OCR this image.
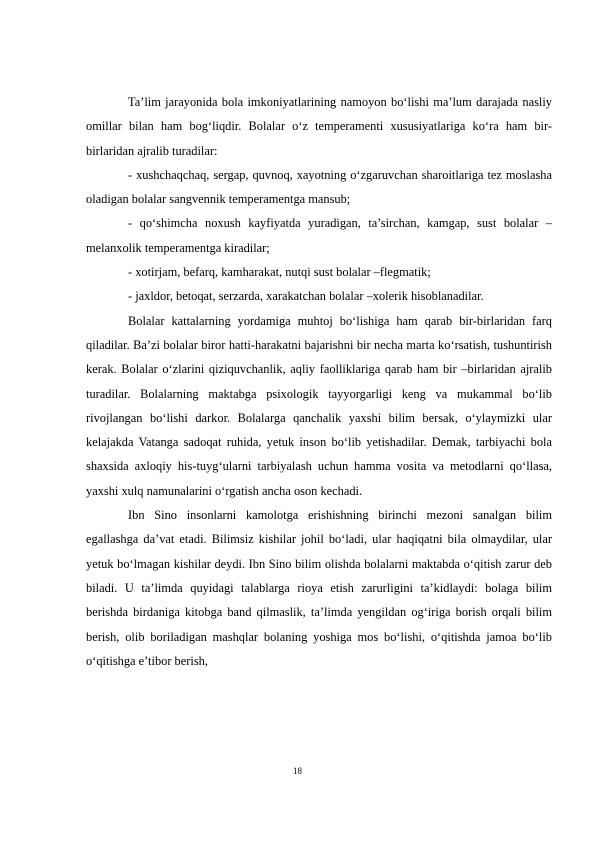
Ta’lim jarayonida bola imkoniyatlarining namoyon bo‘lishi ma’lum darajada nasliy omillar bilan ham bog‘liqdir. Bolalar o‘z temperamenti xususiyatlariga ko‘ra ham bir-birlaridan ajralib turadilar:

- xushchaqchaq, sergap, quvnoq, xayotning o‘zgaruvchan sharoitlariga tez moslasha oladigan bolalar sangvennik temperamentga mansub;

- qo‘shimcha noxush kayfiyatda yuradigan, ta’sirchan, kamgap, sust bolalar – melanxolik temperamentga kiradilar;

- xotirjam, befarq, kamharakat, nutqi sust bolalar –flegmatik;

- jaxldor, betoqat, serzarda, xarakatchan bolalar –xolerik hisoblanadilar.

Bolalar kattalarning yordamiga muhtoj bo‘lishiga ham qarab bir-birlaridan farq qiladilar. Ba’zi bolalar biror hatti-harakatni bajarishni bir necha marta ko‘rsatish, tushuntirish kerak. Bolalar o‘zlarini qiziquvchanlik, aqliy faolliklariga qarab ham bir –birlaridan ajralib turadilar. Bolalarning maktabga psixologik tayyorgarligi keng va mukammal bo‘lib rivojlangan bo‘lishi darkor. Bolalarga qanchalik yaxshi bilim bersak, o‘ylaymizki ular kelajakda Vatanga sadoqat ruhida, yetuk inson bo‘lib yetishadilar. Demak, tarbiyachi bola shaxsida axloqiy his-tuyg‘ularni tarbiyalash uchun hamma vosita va metodlarni qo‘llasa, yaxshi xulq namunalarini o‘rgatish ancha oson kechadi.

Ibn Sino insonlarni kamolotga erishishning birinchi mezoni sanalgan bilim egallashga da’vat etadi. Bilimsiz kishilar johil bo‘ladi, ular haqiqatni bila olmaydilar, ular yetuk bo‘lmagan kishilar deydi. Ibn Sino bilim olishda bolalarni maktabda o‘qitish zarur deb biladi. U ta’limda quyidagi talablarga rioya etish zarurligini ta’kidlaydi: bolaga bilim berishda birdaniga kitobga band qilmaslik, ta’limda yengildan og‘iriga borish orqali bilim berish, olib boriladigan mashqlar bolaning yoshiga mos bo‘lishi, o‘qitishda jamoa bo‘lib o‘qitishga e’tibor berish,

18
